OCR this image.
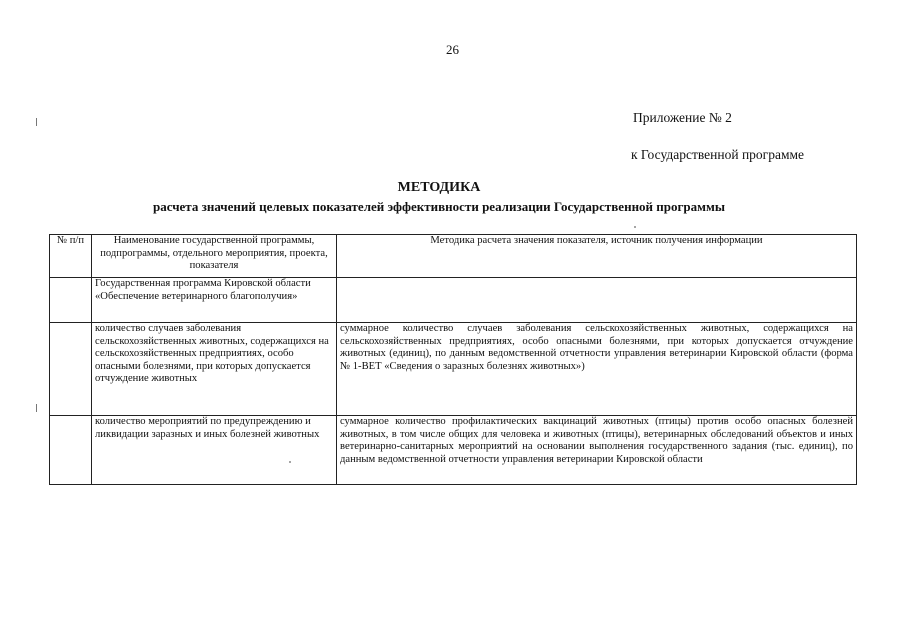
26
Приложение № 2
к Государственной программе
МЕТОДИКА
расчета значений целевых показателей эффективности реализации Государственной программы
№ п/п	Наименование государственной программы, подпрограммы, отдельного мероприятия, проекта, показателя	Методика расчета значения показателя, источник получения информации
	Государственная программа Кировской области «Обеспечение ветеринарного благополучия»	
	количество случаев заболевания сельскохозяйственных животных, содержащихся на сельскохозяйственных предприятиях, особо опасными болезнями, при которых допускается отчуждение животных	суммарное количество случаев заболевания сельскохозяйственных животных, содержащихся на сельскохозяйственных предприятиях, особо опасными болезнями, при которых допускается отчуждение животных (единиц), по данным ведомственной отчетности управления ветеринарии Кировской области (форма № 1-ВЕТ «Сведения о заразных болезнях животных»)
	количество мероприятий по предупреждению и ликвидации заразных и иных болезней животных	суммарное количество профилактических вакцинаций животных (птицы) против особо опасных болезней животных, в том числе общих для человека и животных (птицы), ветеринарных обследований объектов и иных ветеринарно-санитарных мероприятий на основании выполнения государственного задания (тыс. единиц), по данным ведомственной отчетности управления ветеринарии Кировской области
